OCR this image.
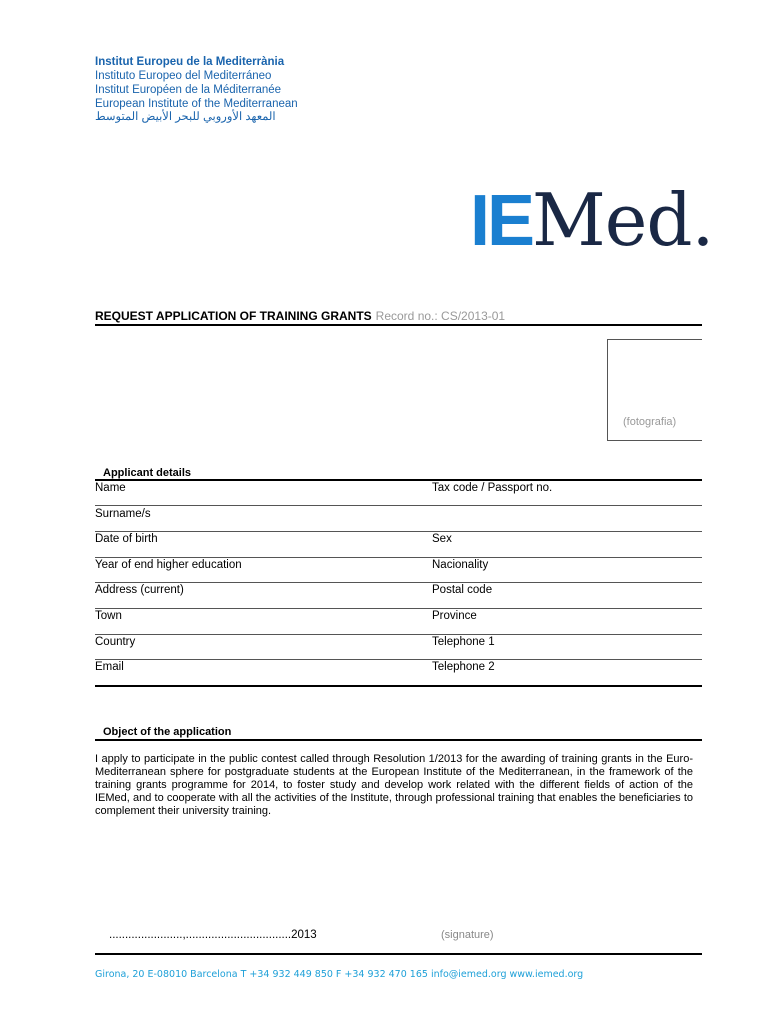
Institut Europeu de la Mediterrània
Instituto Europeo del Mediterráneo
Institut Européen de la Méditerranée
European Institute of the Mediterranean
المعهد الأوروبي للبحر الأبيض المتوسط
IEMed.
REQUEST APPLICATION OF TRAINING GRANTS Record no.: CS/2013-01
(fotografia)
Applicant details
Name	Tax code / Passport no.
Surname/s
Date of birth	Sex
Year of end higher education	Nacionality
Address (current)	Postal code
Town	Province
Country	Telephone 1
Email	Telephone 2
Object of the application
I apply to participate in the public contest called through Resolution 1/2013 for the awarding of training grants in the Euro-Mediterranean sphere for postgraduate students at the European Institute of the Mediterranean, in the framework of the training grants programme for 2014, to foster study and develop work related with the different fields of action of the IEMed, and to cooperate with all the activities of the Institute, through professional training that enables the beneficiaries to complement their university training.
.......................,.................................2013	(signature)
Girona, 20 E-08010 Barcelona T +34 932 449 850 F +34 932 470 165 info@iemed.org www.iemed.org
